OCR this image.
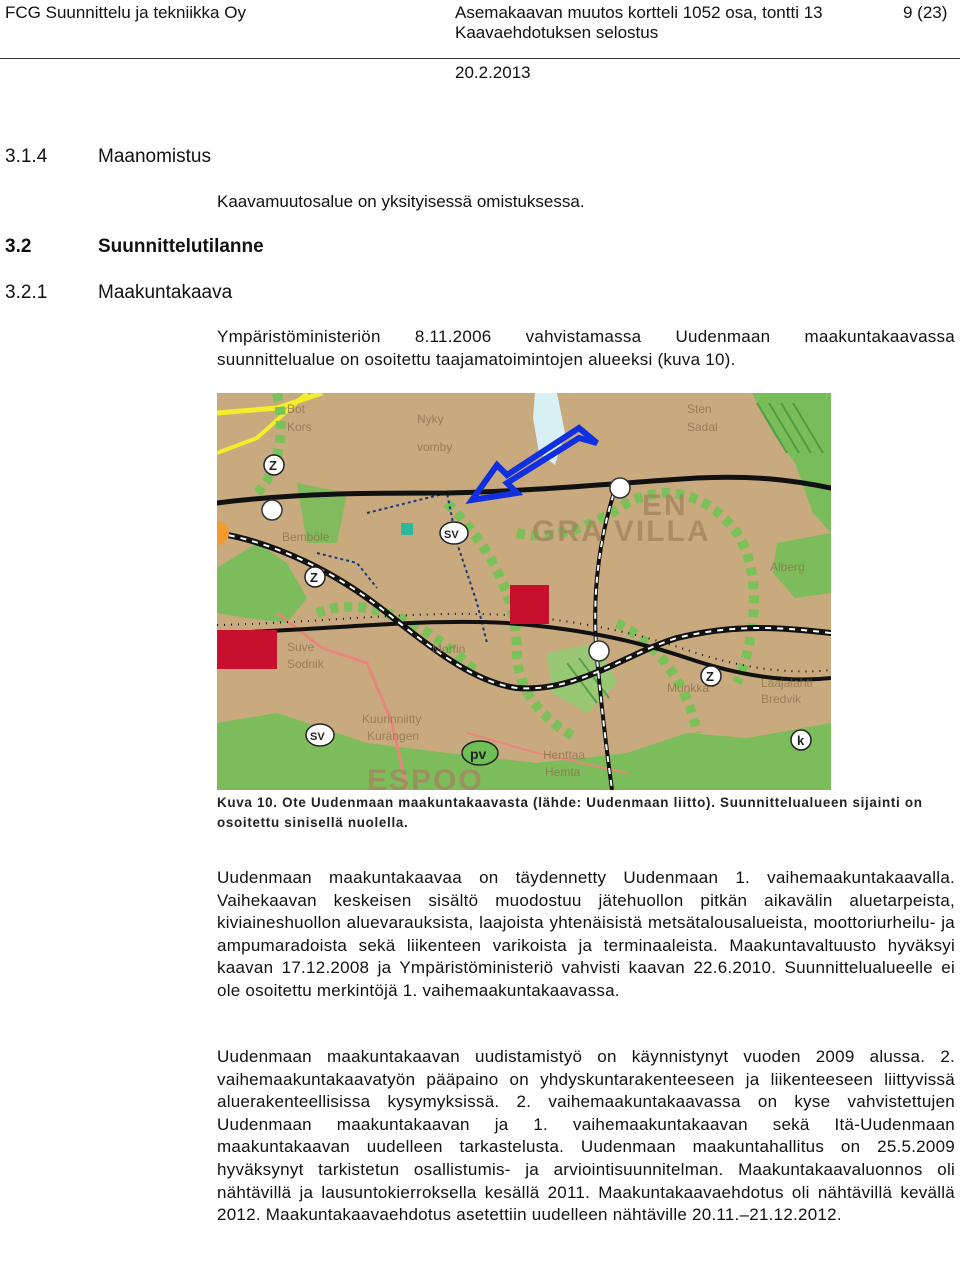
FCG Suunnittelu ja tekniikka Oy	Asemakaavan muutos kortteli 1052 osa, tontti 13
Kaavaehdotuksen selostus
20.2.2013
9 (23)
3.1.4	Maanomistus
Kaavamuutosalue on yksityisessä omistuksessa.
3.2	Suunnittelutilanne
3.2.1	Maakuntakaava
Ympäristöministeriön 8.11.2006 vahvistamassa Uudenmaan maakuntakaavassa suunnittelualue on osoitettu taajamatoimintojen alueeksi (kuva 10).
Z
Z
Z
SV
SV
pv
k
Bot
Kors
Nyky
vomby
Bemböle
Sodnik
Suve	Morfin
Kuurinniitty
Kurängen
Alberg
Laajalahti
Bredvik
Munkkä
Hemta
Henttaa
Sadal
Sten
EN
GRA VILLA
ESPOO
Kuva 10. Ote Uudenmaan maakuntakaavasta (lähde: Uudenmaan liitto). Suunnittelualueen sijainti on osoitettu sinisellä nuolella.
Uudenmaan maakuntakaavaa on täydennetty Uudenmaan 1. vaihemaakuntakaavalla. Vaihekaavan keskeisen sisältö muodostuu jätehuollon pitkän aikavälin aluetarpeista, kiviaineshuollon aluevarauksista, laajoista yhtenäisistä metsätalousalueista, moottoriurheilu- ja ampumaradoista sekä liikenteen varikoista ja terminaaleista. Maakuntavaltuusto hyväksyi kaavan 17.12.2008 ja Ympäristöministeriö vahvisti kaavan 22.6.2010. Suunnittelualueelle ei ole osoitettu merkintöjä 1. vaihemaakuntakaavassa.
Uudenmaan maakuntakaavan uudistamistyö on käynnistynyt vuoden 2009 alussa. 2. vaihemaakuntakaavatyön pääpaino on yhdyskuntarakenteeseen ja liikenteeseen liittyvissä aluerakenteellisissa kysymyksissä. 2. vaihemaakuntakaavassa on kyse vahvistettujen Uudenmaan maakuntakaavan ja 1. vaihemaakuntakaavan sekä Itä-Uudenmaan maakuntakaavan uudelleen tarkastelusta. Uudenmaan maakuntahallitus on 25.5.2009 hyväksynyt tarkistetun osallistumis- ja arviointisuunnitelman. Maakuntakaavaluonnos oli nähtävillä ja lausuntokierroksella kesällä 2011. Maakuntakaavaehdotus oli nähtävillä kevällä 2012. Maakuntakaavaehdotus asetettiin uudelleen nähtäville 20.11.–21.12.2012.
